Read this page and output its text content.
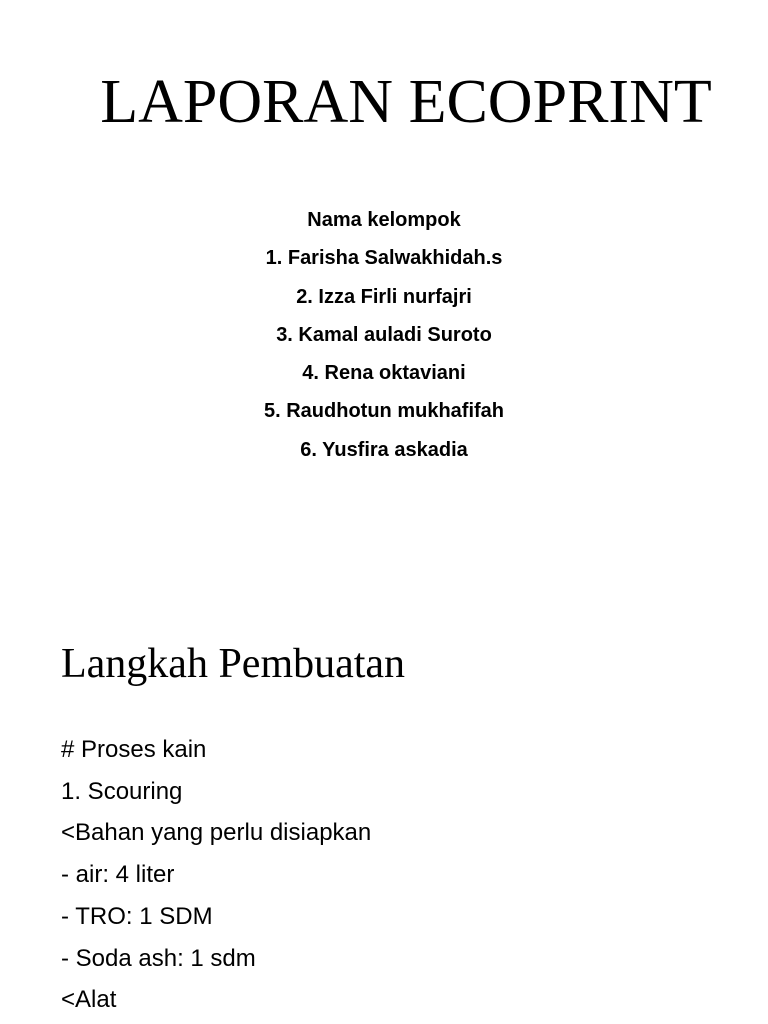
LAPORAN ECOPRINT
Nama kelompok
1. Farisha Salwakhidah.s
2. Izza Firli nurfajri
3. Kamal auladi Suroto
4. Rena oktaviani
5. Raudhotun mukhafifah
6. Yusfira askadia
Langkah Pembuatan
# Proses kain
1. Scouring
<Bahan yang perlu disiapkan
- air: 4 liter
- TRO: 1 SDM
- Soda ash: 1 sdm
<Alat
